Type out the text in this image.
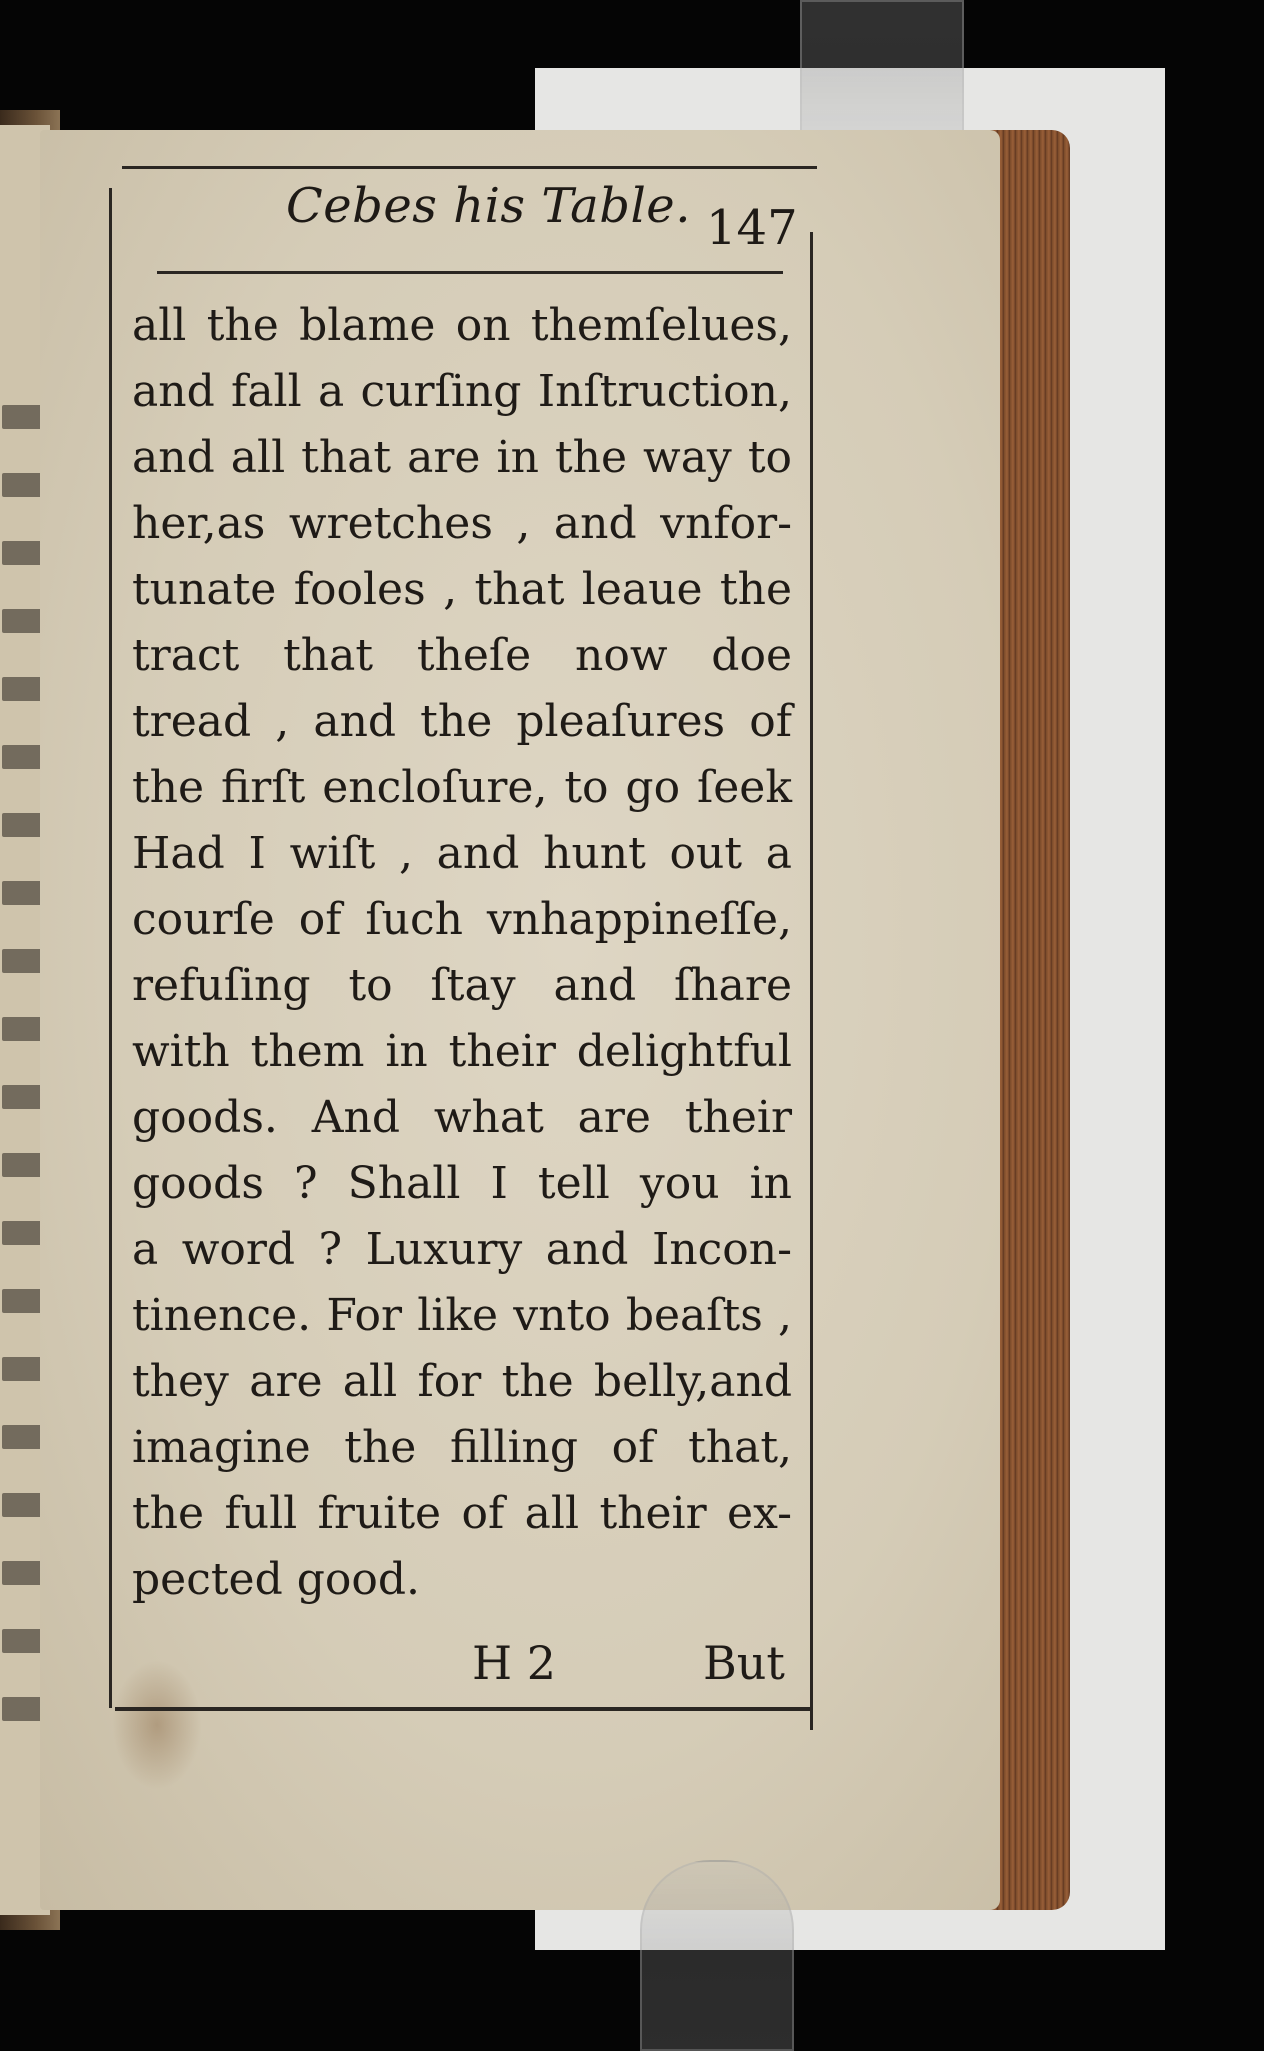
Cebes his Table. 147
all the blame on themſelues,
and fall a curſing Inſtruction,
and all that are in the way to
her,as wretches , and vnfor-
tunate fooles , that leaue the
tract that theſe now doe
tread , and the pleaſures of
the firſt encloſure, to go ſeek
Had I wiſt , and hunt out a
courſe of ſuch vnhappineſſe,
refuſing to ſtay and ſhare
with them in their delightful
goods. And what are their
goods ? Shall I tell you in
a word ? Luxury and Incon-
tinence. For like vnto beaſts ,
they are all for the belly,and
imagine the filling of that,
the full fruite of all their ex-
pected good.
H 2	But
